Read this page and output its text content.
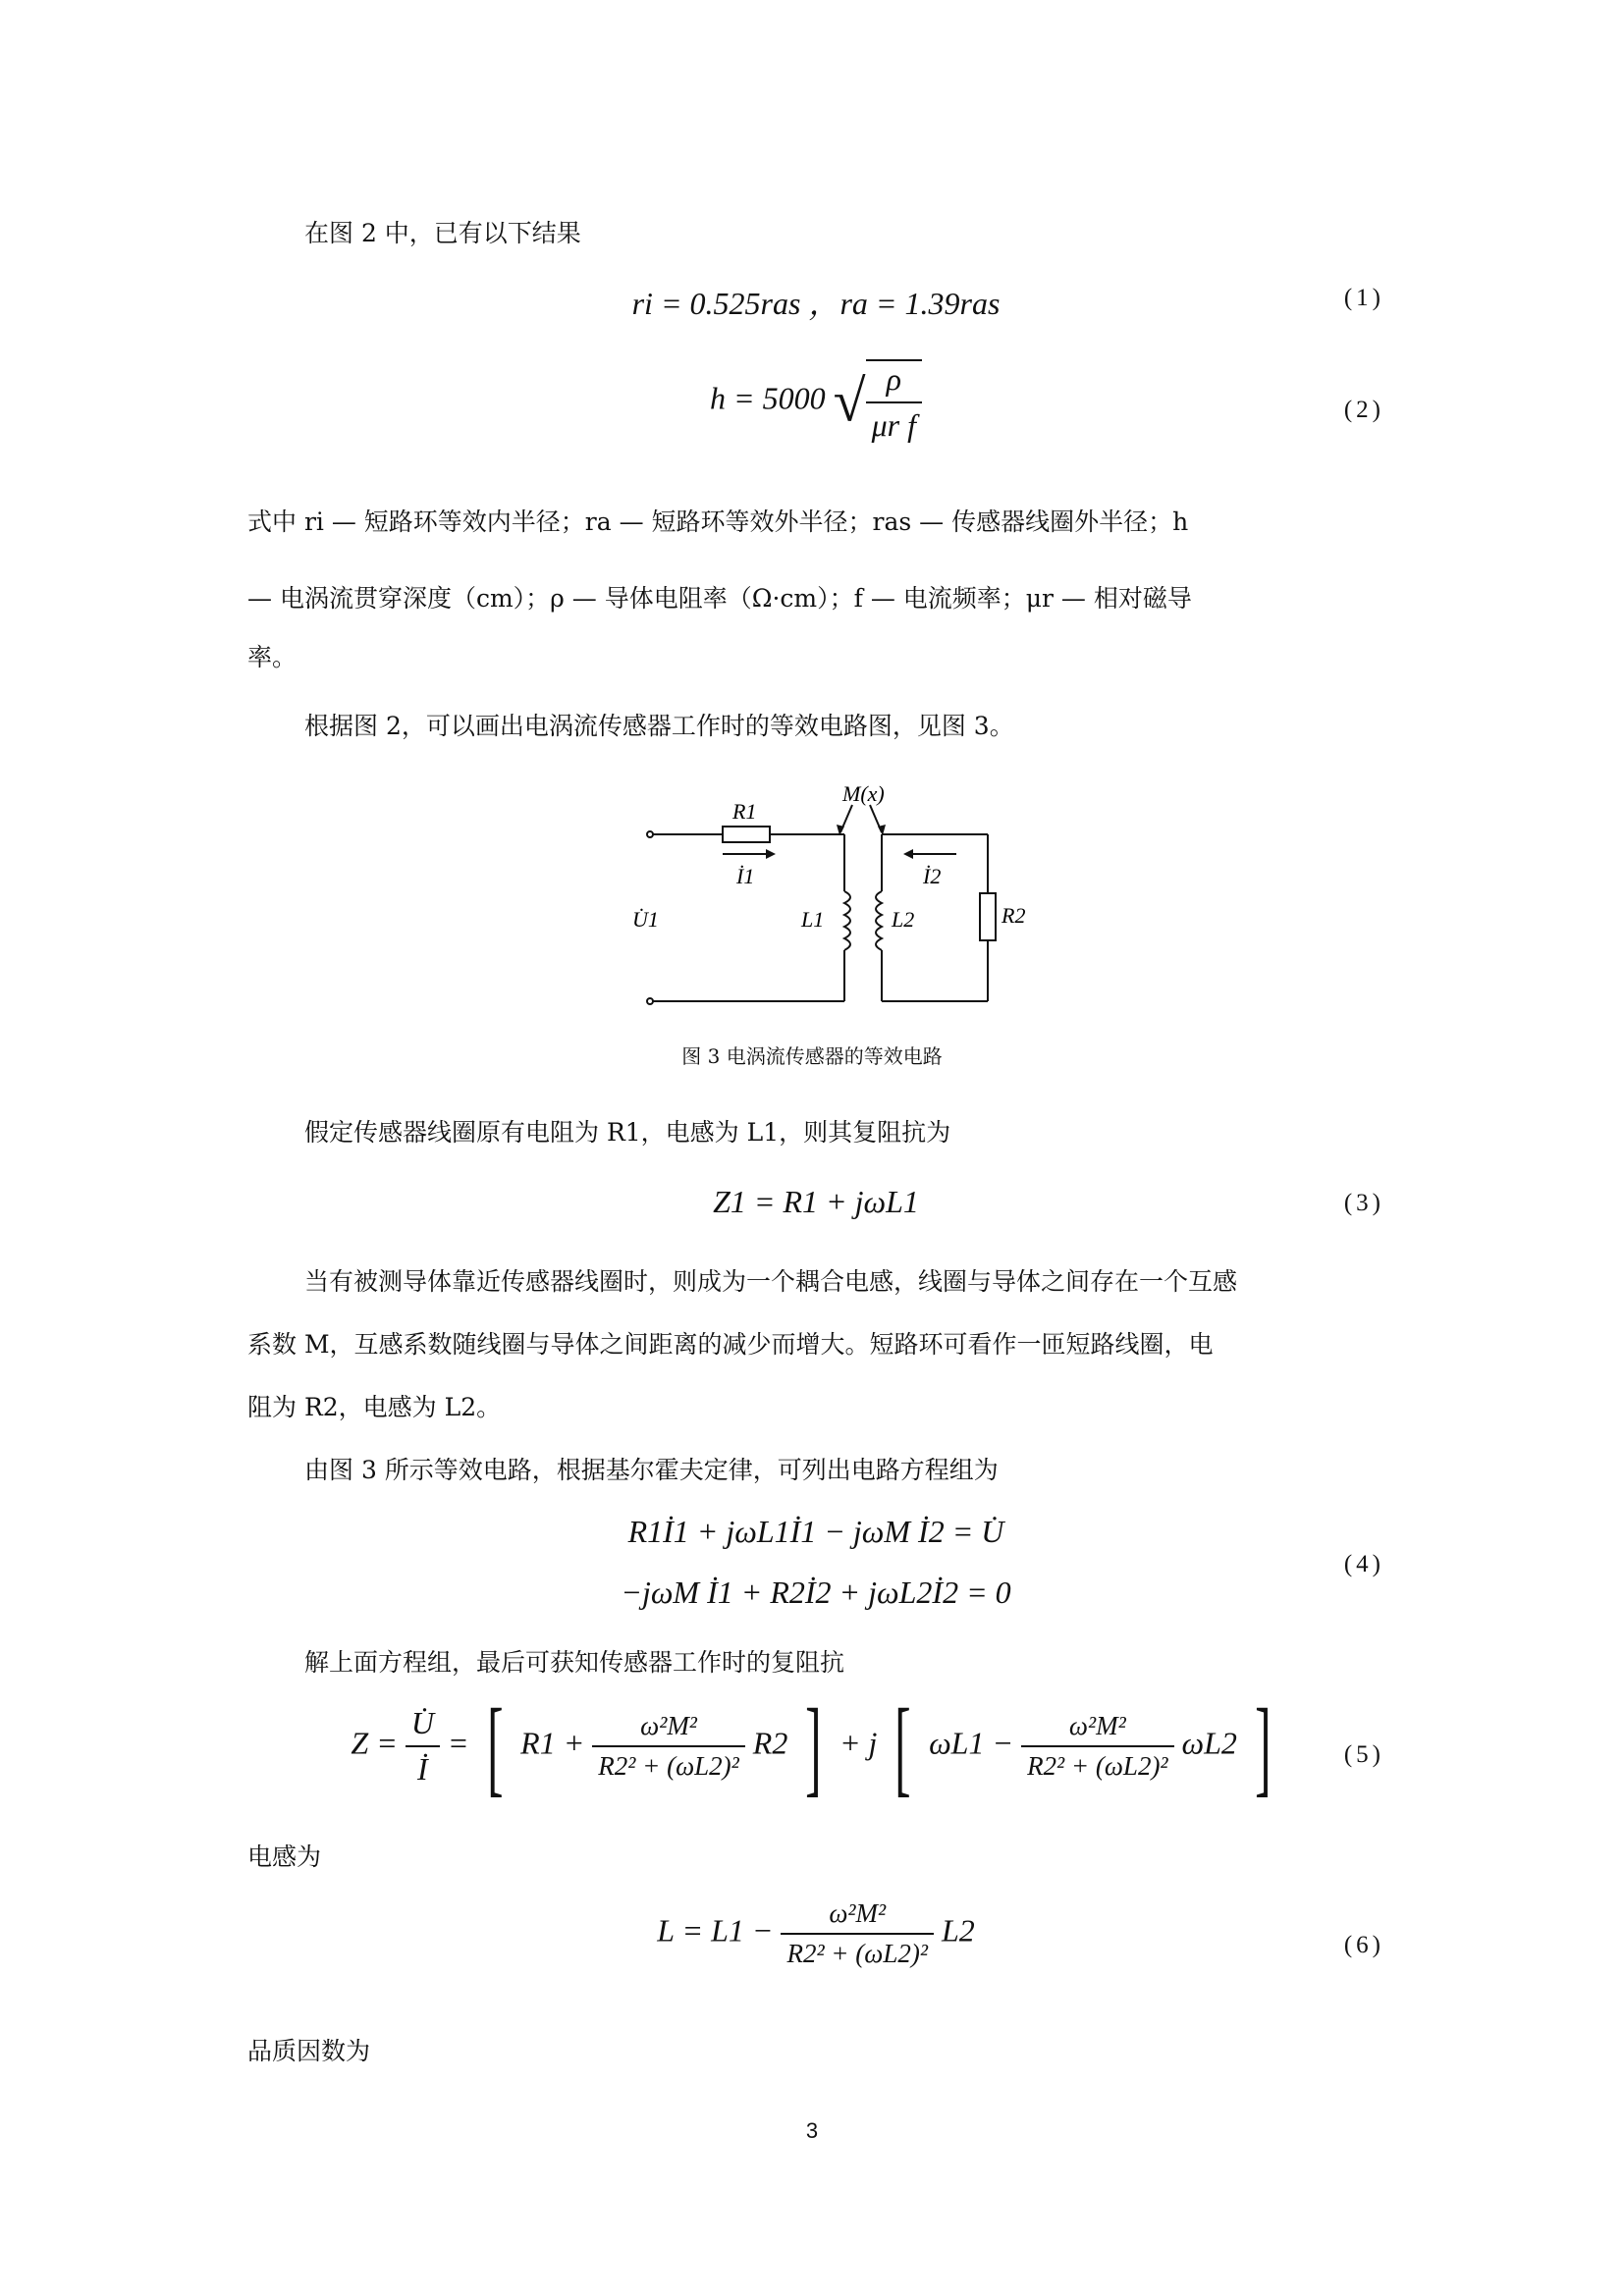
在图 2 中，已有以下结果
ri = 0.525ras ，ra = 1.39ras	(1)
h = 5000 √ $\frac{\rho}{\text{μr f}}$	(2)
式中 ri — 短路环等效内半径；ra — 短路环等效外半径；ras — 传感器线圈外半径；h
— 电涡流贯穿深度（cm）；ρ — 导体电阻率（Ω·cm）；f — 电流频率；μr — 相对磁导
率。
根据图 2，可以画出电涡流传感器工作时的等效电路图，见图 3。
M(x)
R1
İ1	İ2
U̇1	L1	L2	R2
图 3 电涡流传感器的等效电路
假定传感器线圈原有电阻为 R1，电感为 L1，则其复阻抗为
Z1 = R1 + jωL1	(3)
当有被测导体靠近传感器线圈时，则成为一个耦合电感，线圈与导体之间存在一个互感
系数 M，互感系数随线圈与导体之间距离的减少而增大。短路环可看作一匝短路线圈，电
阻为 R2，电感为 L2。
由图 3 所示等效电路，根据基尔霍夫定律，可列出电路方程组为
R1İ1 + jωL1İ1 − jωM İ2 = U̇
−jωM İ1 + R2İ2 + jωL2İ2 = 0
(4)
解上面方程组，最后可获知传感器工作时的复阻抗
$Z = \frac{U̇}{İ}$ = [ $R1 + \frac{\text{ω²M²}}{\text{R2² + (ωL2)²}} R2$ ] + j [ $\omega L1 - \frac{\text{ω²M²}}{\text{R2² + (ωL2)²}} \omega L2$ ]	(5)
电感为
$L = L1 - \frac{\text{ω²M²}}{\text{R2² + (ωL2)²}} L2$	(6)
品质因数为
3
